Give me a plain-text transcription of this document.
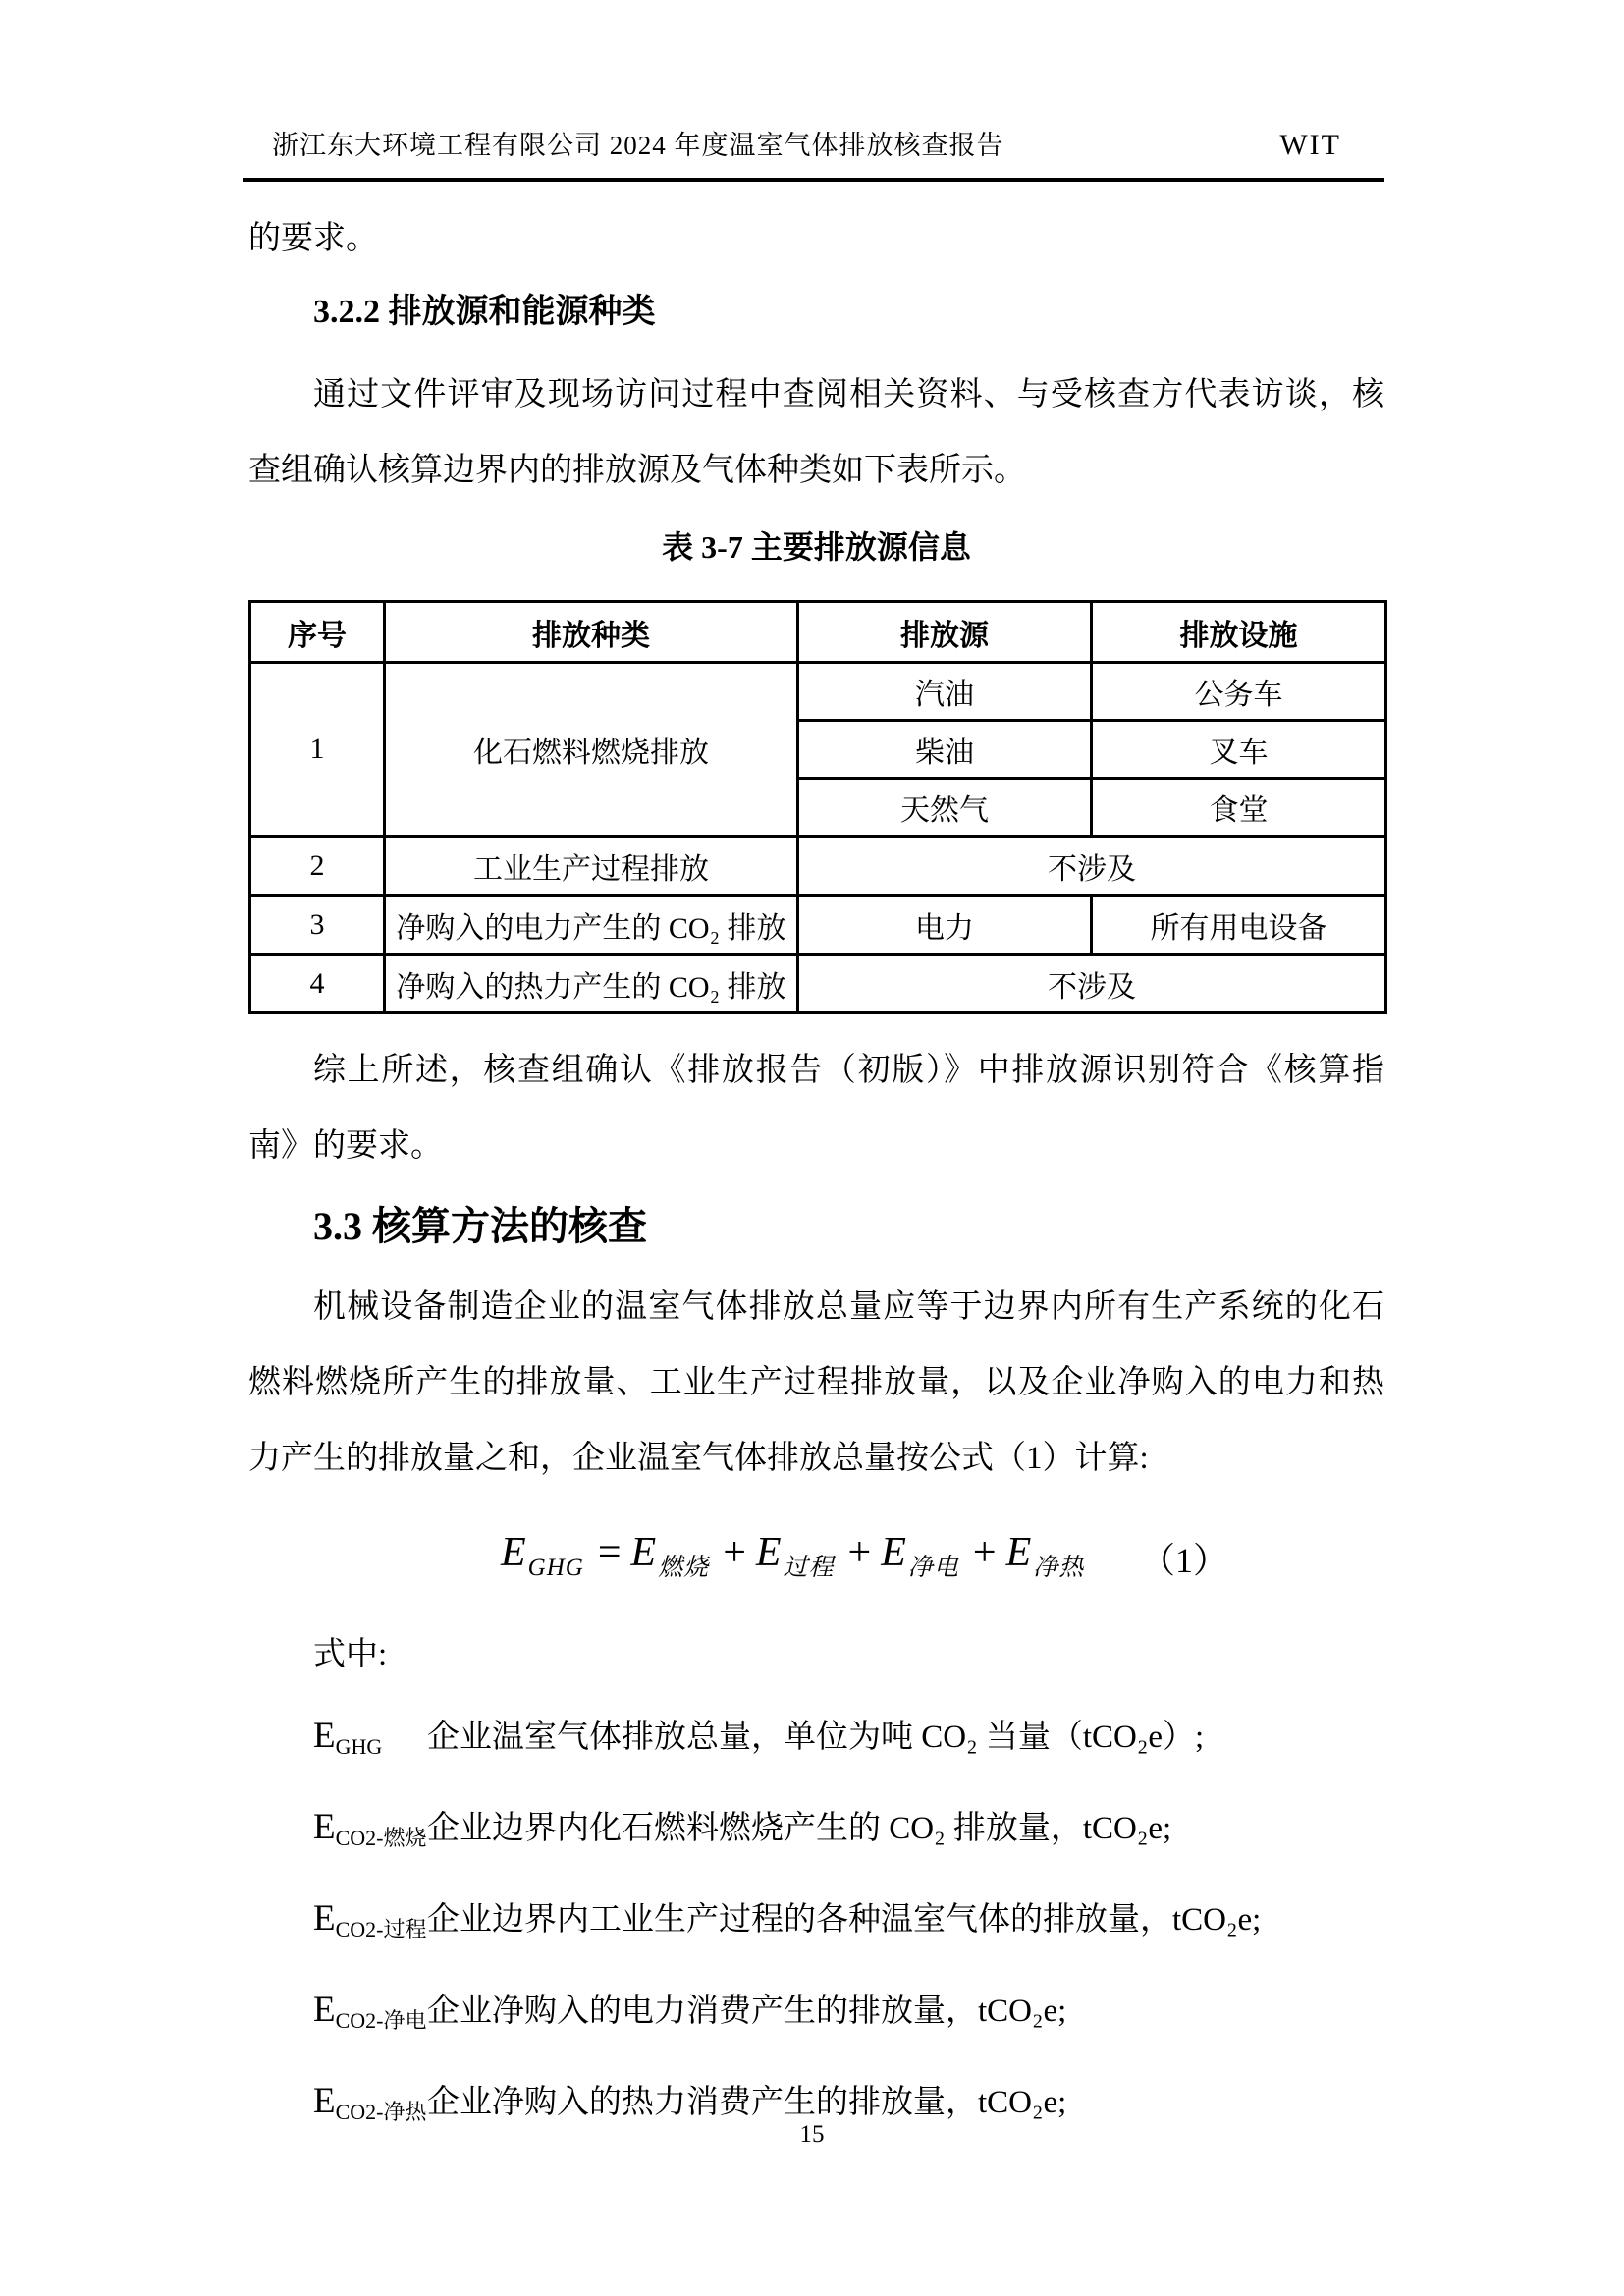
浙江东大环境工程有限公司 2024 年度温室气体排放核查报告	WIT
的要求。
3.2.2 排放源和能源种类
通过文件评审及现场访问过程中查阅相关资料、与受核查方代表访谈，核
查组确认核算边界内的排放源及气体种类如下表所示。
表 3-7 主要排放源信息
序号	排放种类	排放源	排放设施
1	化石燃料燃烧排放	汽油	公务车
		柴油	叉车
		天然气	食堂
2	工业生产过程排放	不涉及	
3	净购入的电力产生的 CO₂ 排放	电力	所有用电设备
4	净购入的热力产生的 CO₂ 排放	不涉及	
综上所述，核查组确认《排放报告（初版）》中排放源识别符合《核算指
南》的要求。
3.3 核算方法的核查
机械设备制造企业的温室气体排放总量应等于边界内所有生产系统的化石
燃料燃烧所产生的排放量、工业生产过程排放量，以及企业净购入的电力和热
力产生的排放量之和，企业温室气体排放总量按公式（1）计算:
$E_{GHG} = E_{燃烧} + E_{过程} + E_{净电} + E_{净热}$ （1）
式中:
$E_{GHG}$	企业温室气体排放总量，单位为吨 CO₂ 当量（tCO₂e）;
$E_{CO2-燃烧}$ 企业边界内化石燃料燃烧产生的 CO₂ 排放量，tCO₂e;
$E_{CO2-过程}$ 企业边界内工业生产过程的各种温室气体的排放量，tCO₂e;
$E_{CO2-净电}$ 企业净购入的电力消费产生的排放量，tCO₂e;
$E_{CO2-净热}$ 企业净购入的热力消费产生的排放量，tCO₂e;
15
